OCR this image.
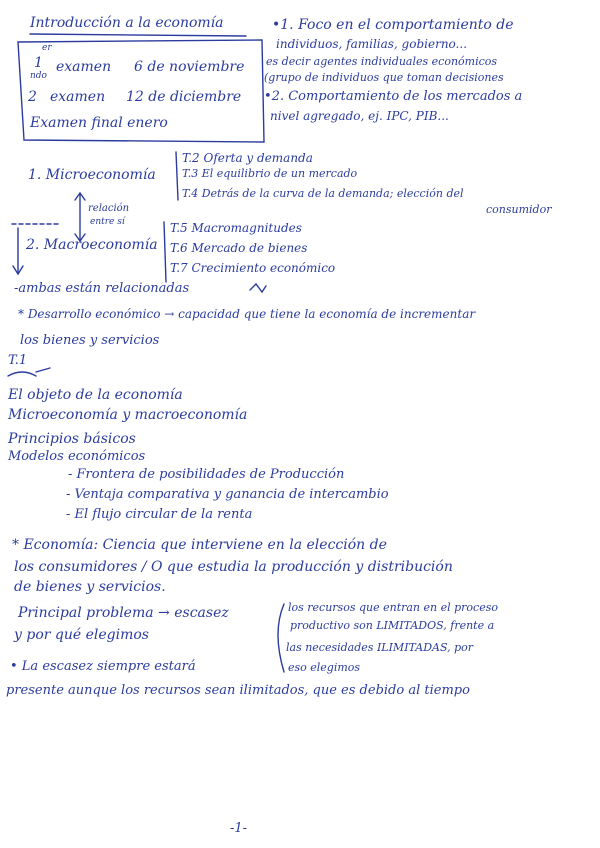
Introducción a la economía
1
er
examen 6 de noviembre
2
ndo
examen 12 de diciembre
Examen final enero
•1. Foco en el comportamiento de
individuos, familias, gobierno...
es decir agentes individuales económicos
(grupo de individuos que toman decisiones
•2. Comportamiento de los mercados a
nivel agregado, ej. IPC, PIB...
1. Microeconomía
T.2 Oferta y demanda
T.3 El equilibrio de un mercado
T.4 Detrás de la curva de la demanda; elección del
consumidor
relación
entre sí
2. Macroeconomía
T.5 Macromagnitudes
T.6 Mercado de bienes
T.7 Crecimiento económico
-ambas están relacionadas
* Desarrollo económico → capacidad que tiene la economía de incrementar
los bienes y servicios
T.1
El objeto de la economía
Microeconomía y macroeconomía
Principios básicos
Modelos económicos
- Frontera de posibilidades de Producción
- Ventaja comparativa y ganancia de intercambio
- El flujo circular de la renta
* Economía: Ciencia que interviene en la elección de
los consumidores / O que estudia la producción y distribución
de bienes y servicios.
Principal problema → escasez
y por qué elegimos
los recursos que entran en el proceso
productivo son LIMITADOS, frente a
las necesidades ILIMITADAS, por
eso elegimos
• La escasez siempre estará
presente aunque los recursos sean ilimitados, que es debido al tiempo
-1-
